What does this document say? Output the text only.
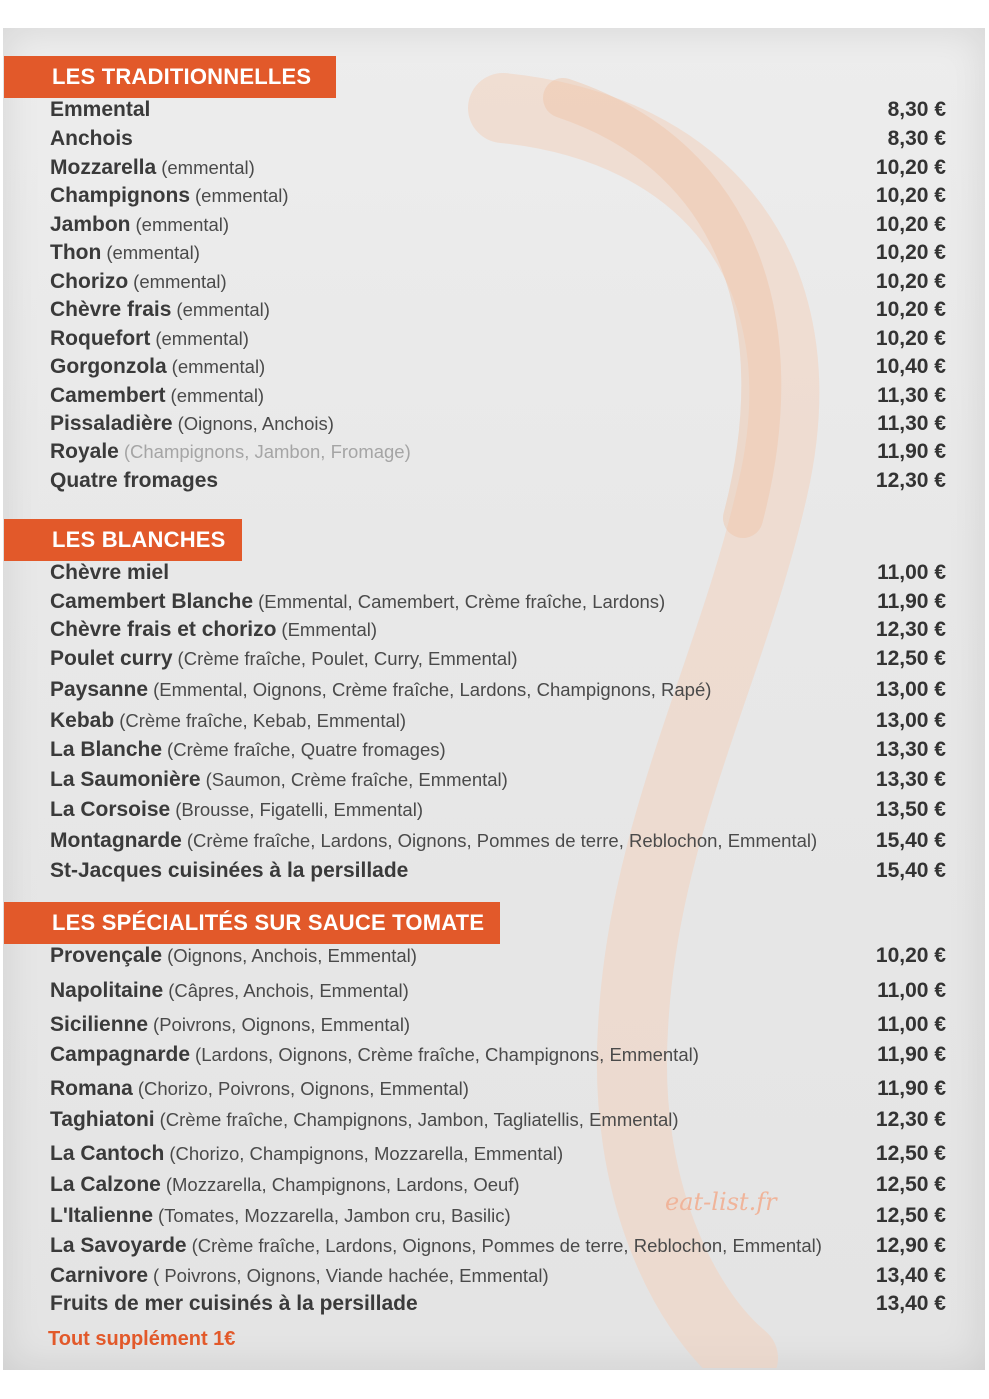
LES TRADITIONNELLES
Emmental	8,30 €
Anchois	8,30 €
Mozzarella (emmental)	10,20 €
Champignons (emmental)	10,20 €
Jambon (emmental)	10,20 €
Thon (emmental)	10,20 €
Chorizo (emmental)	10,20 €
Chèvre frais (emmental)	10,20 €
Roquefort (emmental)	10,20 €
Gorgonzola (emmental)	10,40 €
Camembert (emmental)	11,30 €
Pissaladière (Oignons, Anchois)	11,30 €
Royale (Champignons, Jambon, Fromage)	11,90 €
Quatre fromages	12,30 €
LES BLANCHES
Chèvre miel	11,00 €
Camembert Blanche (Emmental, Camembert, Crème fraîche, Lardons)	11,90 €
Chèvre frais et chorizo (Emmental)	12,30 €
Poulet curry (Crème fraîche, Poulet, Curry, Emmental)	12,50 €
Paysanne (Emmental, Oignons, Crème fraîche, Lardons, Champignons, Rapé)	13,00 €
Kebab (Crème fraîche, Kebab, Emmental)	13,00 €
La Blanche (Crème fraîche, Quatre fromages)	13,30 €
La Saumonière (Saumon, Crème fraîche, Emmental)	13,30 €
La Corsoise (Brousse, Figatelli, Emmental)	13,50 €
Montagnarde (Crème fraîche, Lardons, Oignons, Pommes de terre, Reblochon, Emmental)	15,40 €
St-Jacques cuisinées à la persillade	15,40 €
LES SPÉCIALITÉS SUR SAUCE TOMATE
Provençale (Oignons, Anchois, Emmental)	10,20 €
Napolitaine (Câpres, Anchois, Emmental)	11,00 €
Sicilienne (Poivrons, Oignons, Emmental)	11,00 €
Campagnarde (Lardons, Oignons, Crème fraîche, Champignons, Emmental)	11,90 €
Romana (Chorizo, Poivrons, Oignons, Emmental)	11,90 €
Taghiatoni (Crème fraîche, Champignons, Jambon, Tagliatellis, Emmental)	12,30 €
La Cantoch (Chorizo, Champignons, Mozzarella, Emmental)	12,50 €
La Calzone (Mozzarella, Champignons, Lardons, Oeuf)	12,50 €
L'Italienne (Tomates, Mozzarella, Jambon cru, Basilic)	12,50 €
La Savoyarde (Crème fraîche, Lardons, Oignons, Pommes de terre, Reblochon, Emmental)	12,90 €
Carnivore ( Poivrons, Oignons, Viande hachée, Emmental)	13,40 €
Fruits de mer cuisinés à la persillade	13,40 €
eat-list.fr
Tout supplément 1€
